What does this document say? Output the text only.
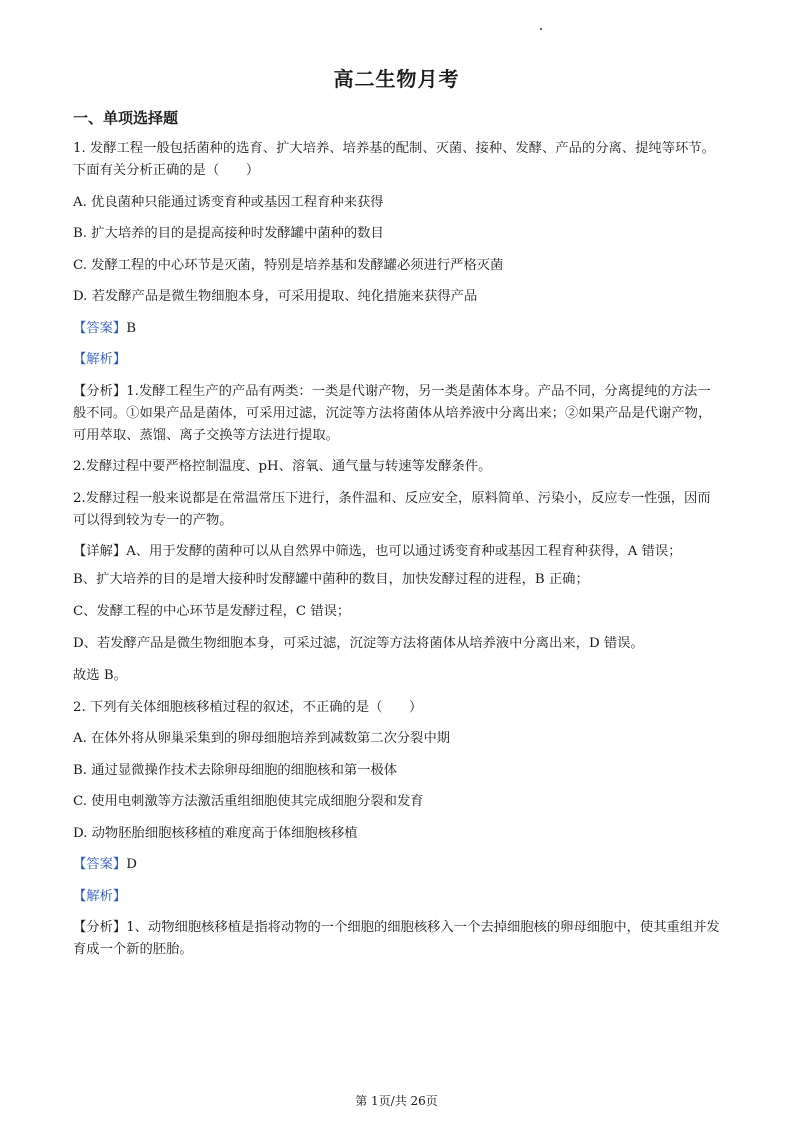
高二生物月考
一、单项选择题

1. 发酵工程一般包括菌种的选育、扩大培养、培养基的配制、灭菌、接种、发酵、产品的分离、提纯等环节。下面有关分析正确的是（　　）

A. 优良菌种只能通过诱变育种或基因工程育种来获得

B. 扩大培养的目的是提高接种时发酵罐中菌种的数目

C. 发酵工程的中心环节是灭菌，特别是培养基和发酵罐必须进行严格灭菌

D. 若发酵产品是微生物细胞本身，可采用提取、纯化措施来获得产品

【答案】B

【解析】

【分析】1.发酵工程生产的产品有两类：一类是代谢产物，另一类是菌体本身。产品不同，分离提纯的方法一般不同。①如果产品是菌体，可采用过滤，沉淀等方法将菌体从培养液中分离出来；②如果产品是代谢产物，可用萃取、蒸馏、离子交换等方法进行提取。

2.发酵过程中要严格控制温度、pH、溶氧、通气量与转速等发酵条件。

2.发酵过程一般来说都是在常温常压下进行，条件温和、反应安全，原料简单、污染小，反应专一性强，因而可以得到较为专一的产物。

【详解】A、用于发酵的菌种可以从自然界中筛选，也可以通过诱变育种或基因工程育种获得，A 错误；

B、扩大培养的目的是增大接种时发酵罐中菌种的数目，加快发酵过程的进程，B 正确；

C、发酵工程的中心环节是发酵过程，C 错误；

D、若发酵产品是微生物细胞本身，可采过滤，沉淀等方法将菌体从培养液中分离出来，D 错误。

故选 B。

2. 下列有关体细胞核移植过程的叙述，不正确的是（　　）

A. 在体外将从卵巢采集到的卵母细胞培养到减数第二次分裂中期

B. 通过显微操作技术去除卵母细胞的细胞核和第一极体

C. 使用电刺激等方法激活重组细胞使其完成细胞分裂和发育

D. 动物胚胎细胞核移植的难度高于体细胞核移植

【答案】D

【解析】

【分析】1、动物细胞核移植是指将动物的一个细胞的细胞核移入一个去掉细胞核的卵母细胞中，使其重组并发育成一个新的胚胎。

第 1页/共 26页
